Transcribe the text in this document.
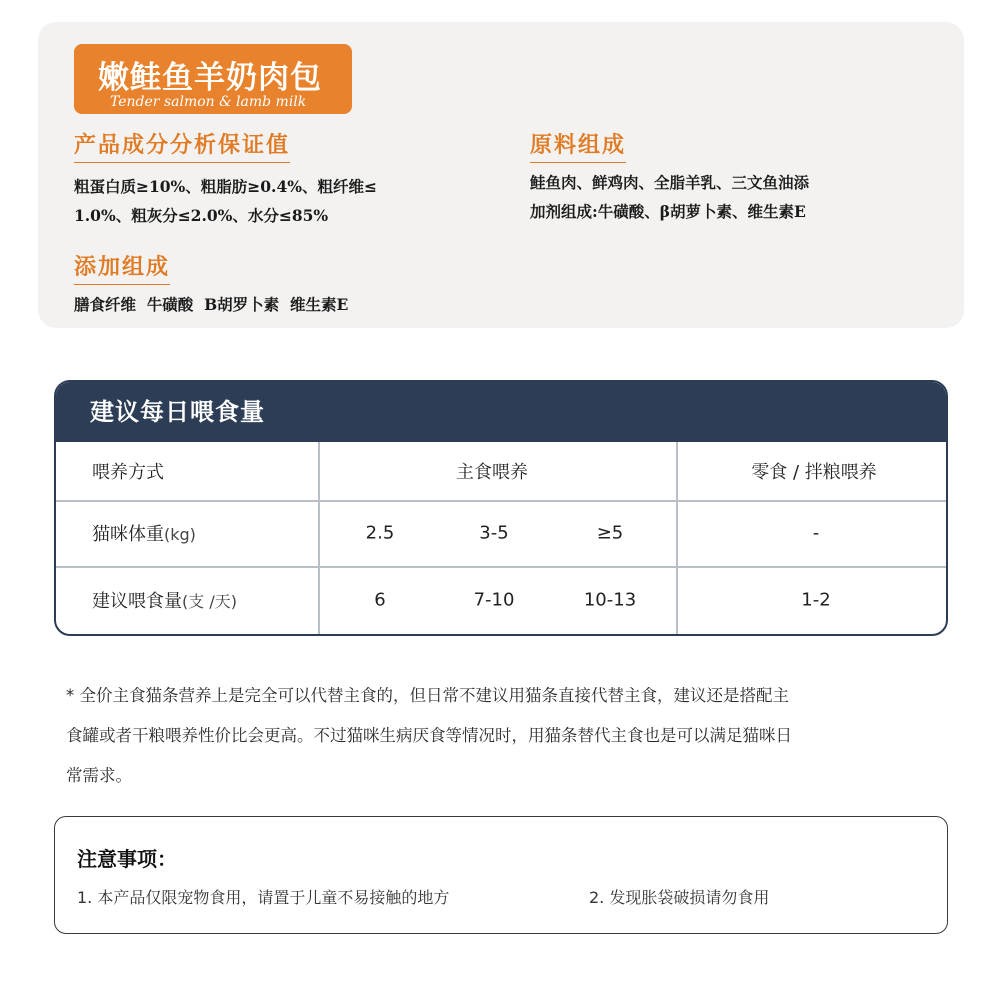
嫩鲑鱼羊奶肉包
Tender salmon & lamb milk
产品成分分析保证值
粗蛋白质≥10%、粗脂肪≥0.4%、粗纤维≤
1.0%、粗灰分≤2.0%、水分≤85%
原料组成
鲑鱼肉、鲜鸡肉、全脂羊乳、三文鱼油添
加剂组成:牛磺酸、β胡萝卜素、维生素E
添加组成
膳食纤维  牛磺酸  B胡罗卜素  维生素E
建议每日喂食量
喂养方式	主食喂养	零食 / 拌粮喂养
猫咪体重(kg)	2.5	3-5	≥5	-
建议喂食量(支 /天)	6	7-10	10-13	1-2
* 全价主食猫条营养上是完全可以代替主食的，但日常不建议用猫条直接代替主食，建议还是搭配主
食罐或者干粮喂养性价比会更高。不过猫咪生病厌食等情况时，用猫条替代主食也是可以满足猫咪日
常需求。
注意事项：
1. 本产品仅限宠物食用，请置于儿童不易接触的地方	2. 发现胀袋破损请勿食用
